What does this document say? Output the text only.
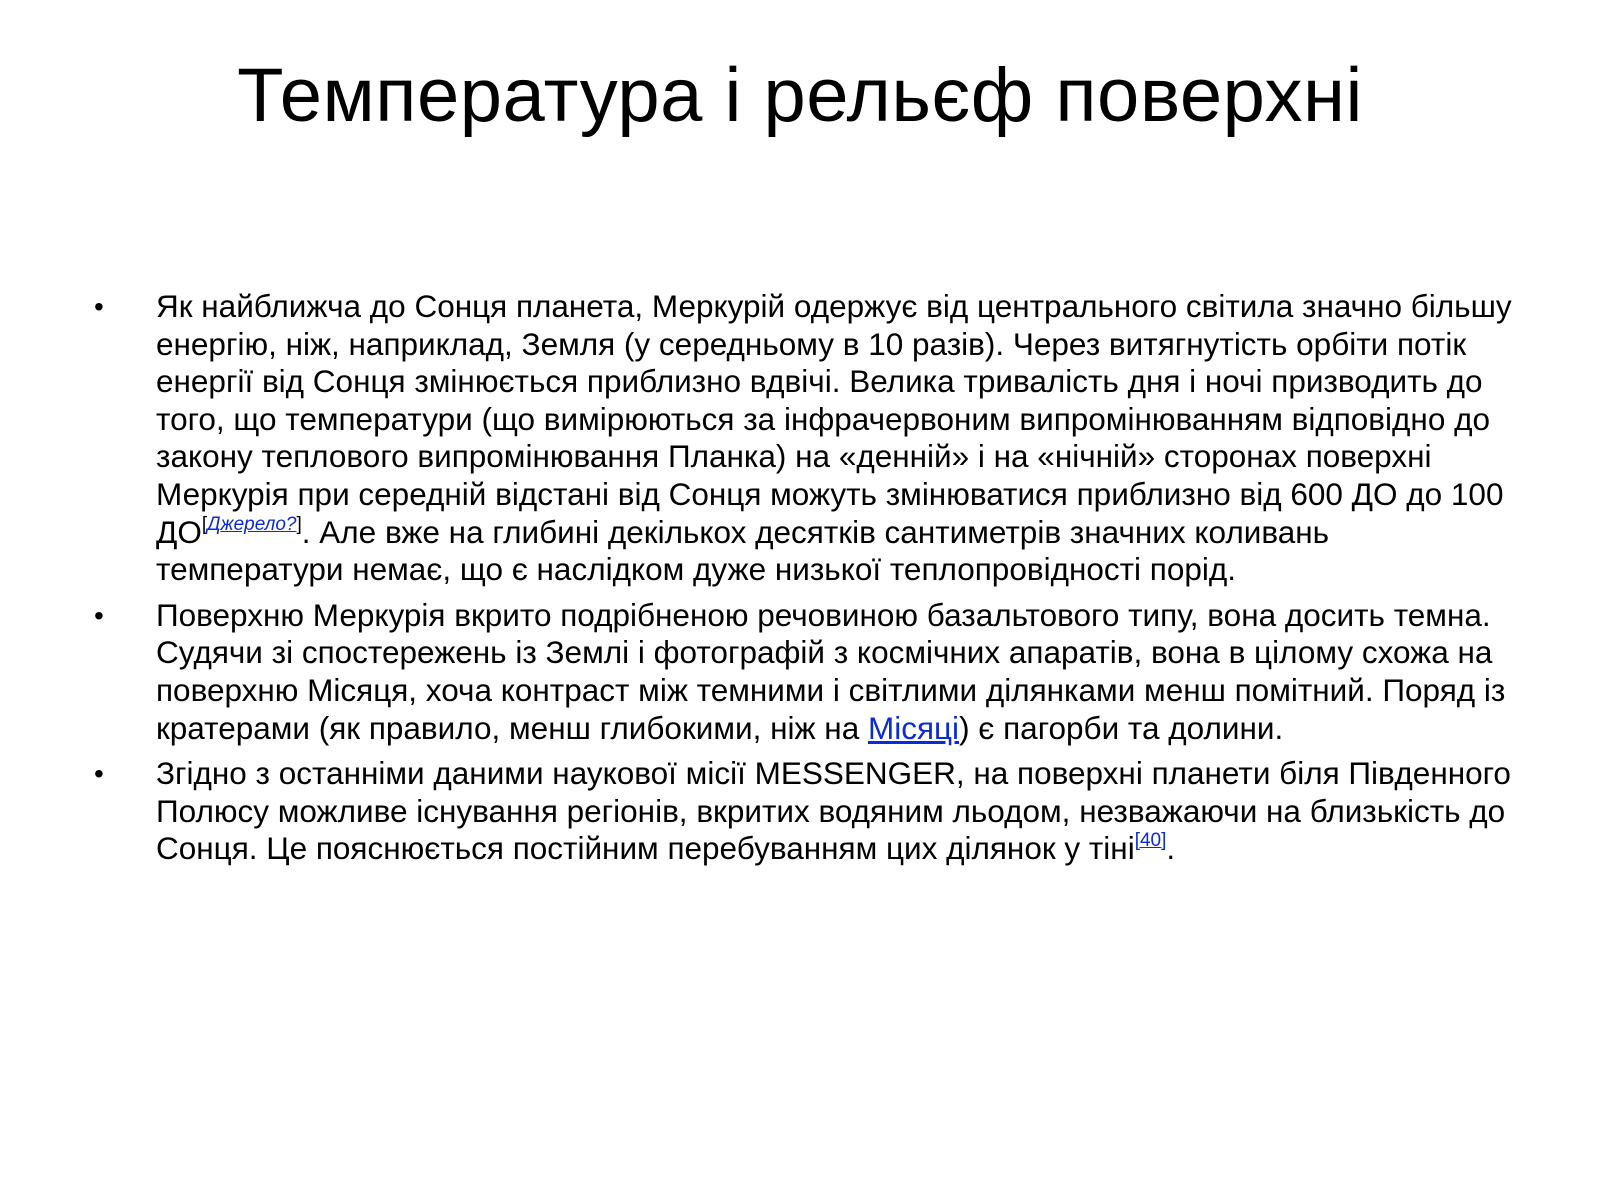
Температура і рельєф поверхні
•	Як найближча до Сонця планета, Меркурій одержує від центрального світила значно більшу енергію, ніж, наприклад, Земля (у середньому в 10 разів). Через витягнутість орбіти потік енергії від Сонця змінюється приблизно вдвічі. Велика тривалість дня і ночі призводить до того, що температури (що вимірюються за інфрачервоним випромінюванням відповідно до закону теплового випромінювання Планка) на «денній» і на «нічній» сторонах поверхні Меркурія при середній відстані від Сонця можуть змінюватися приблизно від 600 ДО до 100 ДО[Джерело?]. Але вже на глибині декількох десятків сантиметрів значних коливань температури немає, що є наслідком дуже низької теплопровідності порід.
•	Поверхню Меркурія вкрито подрібненою речовиною базальтового типу, вона досить темна. Судячи зі спостережень із Землі і фотографій з космічних апаратів, вона в цілому схожа на поверхню Місяця, хоча контраст між темними і світлими ділянками менш помітний. Поряд із кратерами (як правило, менш глибокими, ніж на Місяці) є пагорби та долини.
•	Згідно з останніми даними наукової місії MESSENGER, на поверхні планети біля Південного Полюсу можливе існування регіонів, вкритих водяним льодом, незважаючи на близькість до Сонця. Це пояснюється постійним перебуванням цих ділянок у тіні[40].
